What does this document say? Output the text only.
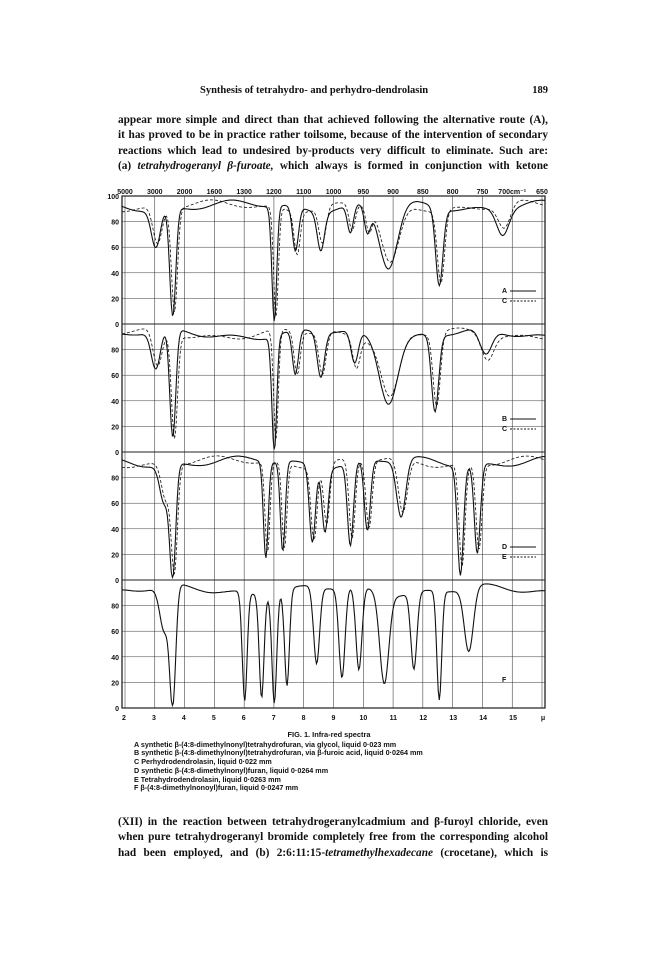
Synthesis of tetrahydro- and perhydro-dendrolasin	189
appear more simple and direct than that achieved following the alternative route (A),
it has proved to be in practice rather toilsome, because of the intervention of secondary
reactions which lead to undesired by-products very difficult to eliminate. Such are:
(a) tetrahydrogeranyl β-furoate, which always is formed in conjunction with ketone
5000 3000 2000 1600 1300 1200 1100 1000 950	900	850	800	750 700cm⁻¹ 650
2	3	4	5	6	7	8	9	10	11	12	13	14	15	μ
100
80
60
40
20
0
80
60
40
20
0
80
60
40
20
0
80
60
40
20
0
A
C
B
C
D
E
F
FIG. 1. Infra-red spectra
A synthetic β-(4:8-dimethylnonyl)tetrahydrofuran, via glycol, liquid 0·023 mm
B synthetic β-(4:8-dimethylnonyl)tetrahydrofuran, via β-furoic acid, liquid 0·0264 mm
C Perhydrodendrolasin, liquid 0·022 mm
D synthetic β-(4:8-dimethylnonyl)furan, liquid 0·0264 mm
E Tetrahydrodendrolasin, liquid 0·0263 mm
F β-(4:8-dimethylnonoyl)furan, liquid 0·0247 mm
(XII) in the reaction between tetrahydrogeranylcadmium and β-furoyl chloride, even
when pure tetrahydrogeranyl bromide completely free from the corresponding alcohol
had been employed, and (b) 2:6:11:15-tetramethylhexadecane (crocetane), which is
